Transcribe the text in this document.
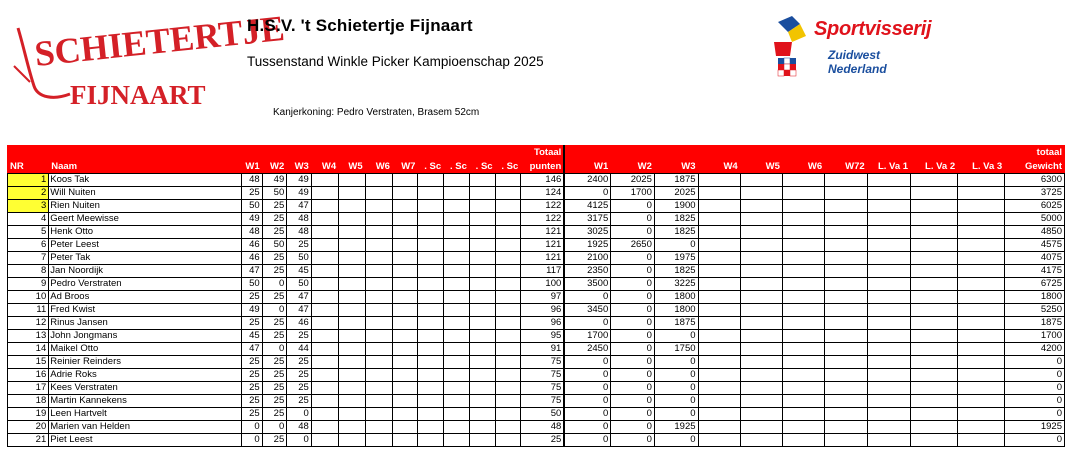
SCHIETERTJE
FIJNAART
H.S.V. 't Schietertje Fijnaart
Tussenstand Winkle Picker Kampioenschap 2025
Kanjerkoning: Pedro Verstraten, Brasem 52cm
Sportvisserij
Zuidwest Nederland
													Totaal											totaal
NR	Naam	W1	W2	W3	W4	W5	W6	W7	. Sc	. Sc	. Sc	. Sc	punten	W1	W2	W3	W4	W5	W6	W72	L. Va 1	L. Va 2	L. Va 3	Gewicht
1	Koos Tak	48	49	49									146	2400	2025	1875								6300
2	Will Nuiten	25	50	49									124	0	1700	2025								3725
3	Rien Nuiten	50	25	47									122	4125	0	1900								6025
4	Geert Meewisse	49	25	48									122	3175	0	1825								5000
5	Henk Otto	48	25	48									121	3025	0	1825								4850
6	Peter Leest	46	50	25									121	1925	2650	0								4575
7	Peter Tak	46	25	50									121	2100	0	1975								4075
8	Jan Noordijk	47	25	45									117	2350	0	1825								4175
9	Pedro Verstraten	50	0	50									100	3500	0	3225								6725
10	Ad Broos	25	25	47									97	0	0	1800								1800
11	Fred Kwist	49	0	47									96	3450	0	1800								5250
12	Rinus Jansen	25	25	46									96	0	0	1875								1875
13	John Jongmans	45	25	25									95	1700	0	0								1700
14	Maikel Otto	47	0	44									91	2450	0	1750								4200
15	Reinier Reinders	25	25	25									75	0	0	0								0
16	Adrie Roks	25	25	25									75	0	0	0								0
17	Kees Verstraten	25	25	25									75	0	0	0								0
18	Martin Kannekens	25	25	25									75	0	0	0								0
19	Leen Hartvelt	25	25	0									50	0	0	0								0
20	Marien van Helden	0	0	48									48	0	0	1925								1925
21	Piet Leest	0	25	0									25	0	0	0								0
